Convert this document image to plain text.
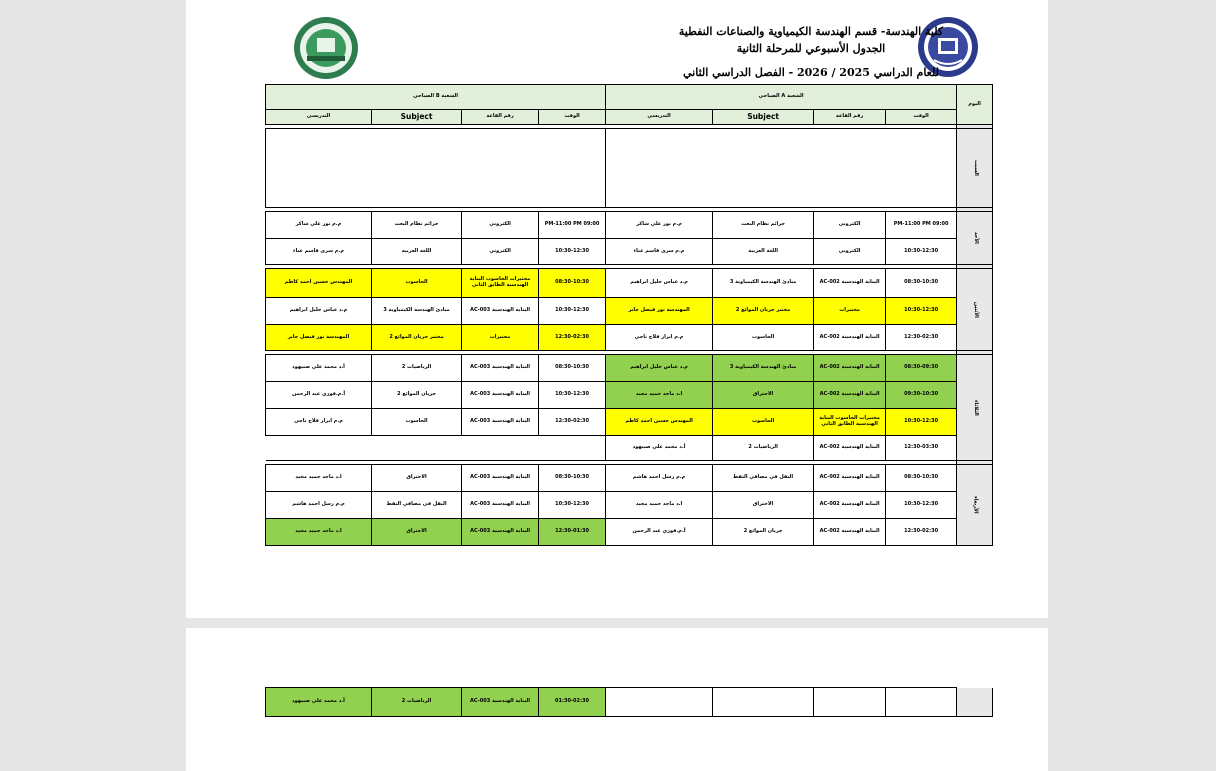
كلية الهندسة- قسم الهندسة الكيمياوية والصناعات النفطية
الجدول الأسبوعي للمرحلة الثانية
للعام الدراسي 2025 / 2026 - الفصل الدراسي الثاني
اليوم	الشعبة A الصباحي				الشعبة B الصباحي			
	الوقت	رقم القاعة	Subject	التدريسي	الوقت	رقم القاعة	Subject	التدريسي

السبت								

الأحد	09:00 PM-11:00 PM	الكتروني	جرائم نظام البعث	م.م نور علي شاكر	09:00 PM-11:00 PM	الكتروني	جرائم نظام البعث	م.م نور علي شاكر
	10:30-12:30	الكتروني	اللغة العربية	م.م سرى قاسم غناء	10:30-12:30	الكتروني	اللغة العربية	م.م سرى قاسم غناء

الأثنين	08:30-10:30	البناية الهندسية AC-002	مبادئ الهندسة الكيمياوية 3	م.د عباس خليل ابراهيم	08:30-10:30	مختبرات الحاسوب البناية الهندسية الطابق الثاني	الحاسوب	المهندس حسين احمد كاظم
	10:30-12:30	مختبرات	مختبر جريان الموائع 2	المهندسة نور فيصل جابر	10:30-12:30	البناية الهندسية AC-003	مبادئ الهندسة الكيمياوية 3	م.د عباس خليل ابراهيم
	12:30-02:30	البناية الهندسية AC-002	الحاسوب	م.م ابرار فلاح ناجي	12:30-02:30	مختبرات	مختبر جريان الموائع 2	المهندسة نور فيصل جابر

الثلاثاء	08:30-09:30	البناية الهندسية AC-002	مبادئ الهندسة الكيمياوية 3	م.د عباس خليل ابراهيم	08:30-10:30	البناية الهندسية AC-003	الرياضيات 2	أ.د محمد علي صبيهود
	09:30-10:30	البناية الهندسية AC-002	الاحتراق	ا.د ماجد حميد مجيد	10:30-12:30	البناية الهندسية AC-003	جريان الموائع 2	أ.م.فوزي عبد الرحمن
	10:30-12:30	مختبرات الحاسوب البناية الهندسية الطابق الثاني	الحاسوب	المهندس حسين احمد كاظم	12:30-02:30	البناية الهندسية AC-003	الحاسوب	م.م ابرار فلاح ناجي
	12:30-03:30	البناية الهندسية AC-002	الرياضيات 2	أ.د محمد علي صبيهود				

الأربعاء	08:30-10:30	البناية الهندسية AC-002	النقل في مصافي النفط	م.م رسل احمد هاشم	08:30-10:30	البناية الهندسية AC-003	الاحتراق	ا.د ماجد حميد مجيد
	10:30-12:30	البناية الهندسية AC-002	الاحتراق	ا.د ماجد حميد مجيد	10:30-12:30	البناية الهندسية AC-003	النقل في مصافي النفط	م.م رسل احمد هاشم
	12:30-02:30	البناية الهندسية AC-002	جريان الموائع 2	أ.م.فوزي عبد الرحمن	12:30-01:30	البناية الهندسية AC-003	الاحتراق	ا.د ماجد حميد مجيد
					01:30-02:30	البناية الهندسية AC-003	الرياضيات 2	أ.د محمد علي صبيهود
